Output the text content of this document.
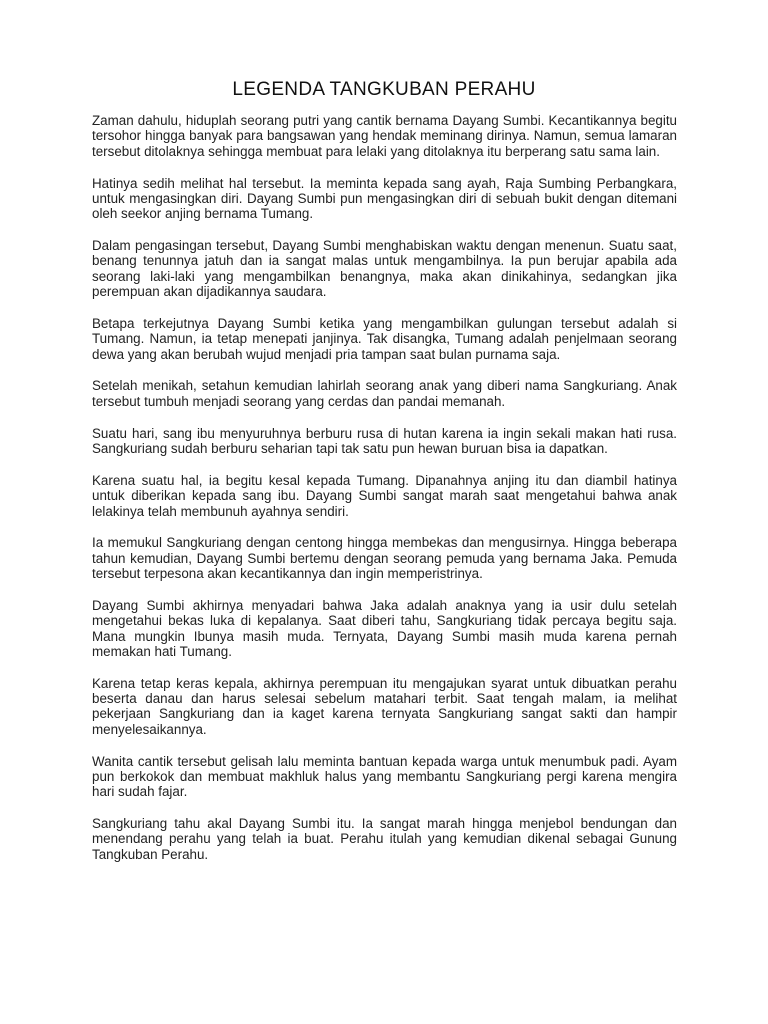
LEGENDA TANGKUBAN PERAHU

Zaman dahulu, hiduplah seorang putri yang cantik bernama Dayang Sumbi. Kecantikannya begitu tersohor hingga banyak para bangsawan yang hendak meminang dirinya. Namun, semua lamaran tersebut ditolaknya sehingga membuat para lelaki yang ditolaknya itu berperang satu sama lain.

Hatinya sedih melihat hal tersebut. Ia meminta kepada sang ayah, Raja Sumbing Perbangkara, untuk mengasingkan diri. Dayang Sumbi pun mengasingkan diri di sebuah bukit dengan ditemani oleh seekor anjing bernama Tumang.

Dalam pengasingan tersebut, Dayang Sumbi menghabiskan waktu dengan menenun. Suatu saat, benang tenunnya jatuh dan ia sangat malas untuk mengambilnya. Ia pun berujar apabila ada seorang laki-laki yang mengambilkan benangnya, maka akan dinikahinya, sedangkan jika perempuan akan dijadikannya saudara.

Betapa terkejutnya Dayang Sumbi ketika yang mengambilkan gulungan tersebut adalah si Tumang. Namun, ia tetap menepati janjinya. Tak disangka, Tumang adalah penjelmaan seorang dewa yang akan berubah wujud menjadi pria tampan saat bulan purnama saja.

Setelah menikah, setahun kemudian lahirlah seorang anak yang diberi nama Sangkuriang. Anak tersebut tumbuh menjadi seorang yang cerdas dan pandai memanah.

Suatu hari, sang ibu menyuruhnya berburu rusa di hutan karena ia ingin sekali makan hati rusa. Sangkuriang sudah berburu seharian tapi tak satu pun hewan buruan bisa ia dapatkan.

Karena suatu hal, ia begitu kesal kepada Tumang. Dipanahnya anjing itu dan diambil hatinya untuk diberikan kepada sang ibu. Dayang Sumbi sangat marah saat mengetahui bahwa anak lelakinya telah membunuh ayahnya sendiri.

Ia memukul Sangkuriang dengan centong hingga membekas dan mengusirnya. Hingga beberapa tahun kemudian, Dayang Sumbi bertemu dengan seorang pemuda yang bernama Jaka. Pemuda tersebut terpesona akan kecantikannya dan ingin memperistrinya.

Dayang Sumbi akhirnya menyadari bahwa Jaka adalah anaknya yang ia usir dulu setelah mengetahui bekas luka di kepalanya. Saat diberi tahu, Sangkuriang tidak percaya begitu saja. Mana mungkin Ibunya masih muda. Ternyata, Dayang Sumbi masih muda karena pernah memakan hati Tumang.

Karena tetap keras kepala, akhirnya perempuan itu mengajukan syarat untuk dibuatkan perahu beserta danau dan harus selesai sebelum matahari terbit. Saat tengah malam, ia melihat pekerjaan Sangkuriang dan ia kaget karena ternyata Sangkuriang sangat sakti dan hampir menyelesaikannya.

Wanita cantik tersebut gelisah lalu meminta bantuan kepada warga untuk menumbuk padi. Ayam pun berkokok dan membuat makhluk halus yang membantu Sangkuriang pergi karena mengira hari sudah fajar.

Sangkuriang tahu akal Dayang Sumbi itu. Ia sangat marah hingga menjebol bendungan dan menendang perahu yang telah ia buat. Perahu itulah yang kemudian dikenal sebagai Gunung Tangkuban Perahu.
